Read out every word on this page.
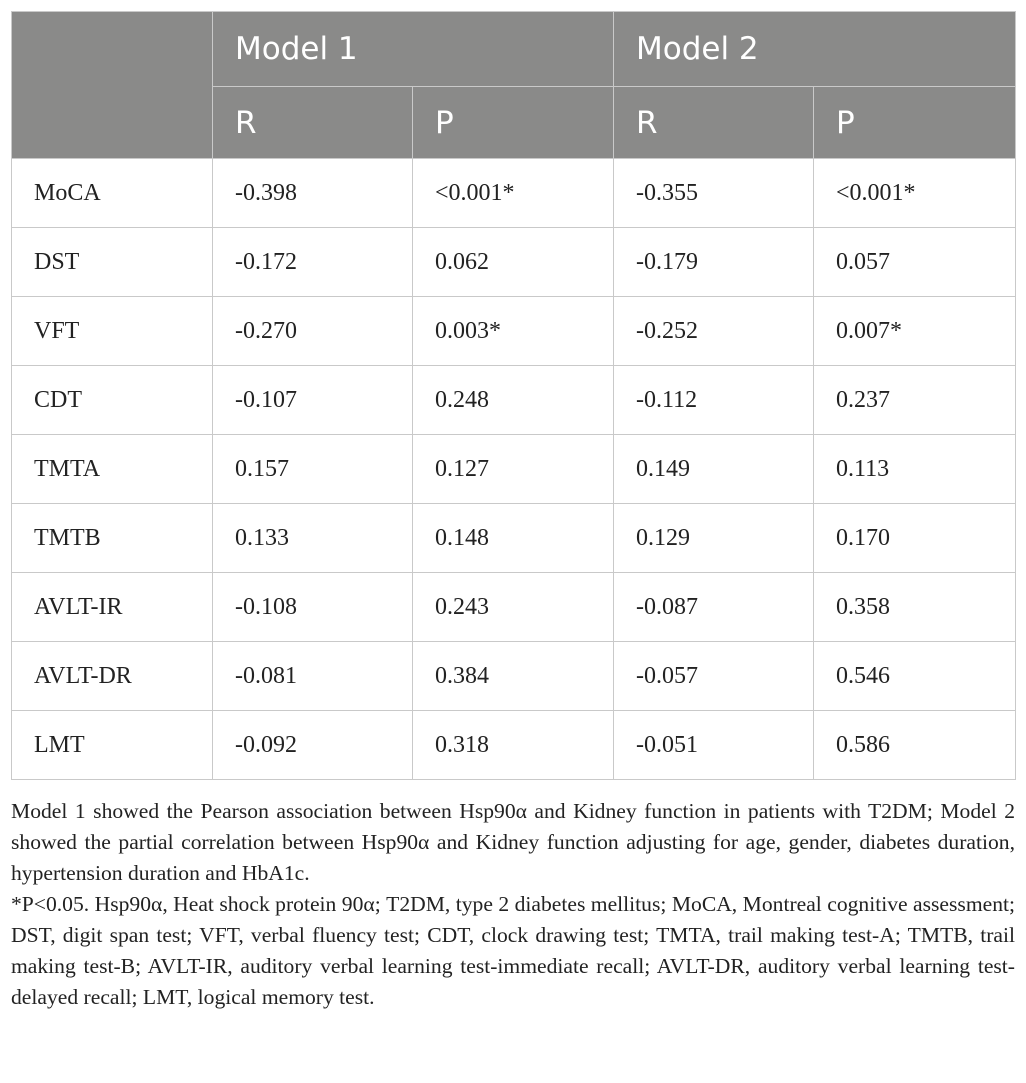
	Model 1		Model 2	
	R	P	R	P
MoCA	-0.398	<0.001*	-0.355	<0.001*
DST	-0.172	0.062	-0.179	0.057
VFT	-0.270	0.003*	-0.252	0.007*
CDT	-0.107	0.248	-0.112	0.237
TMTA	0.157	0.127	0.149	0.113
TMTB	0.133	0.148	0.129	0.170
AVLT-IR	-0.108	0.243	-0.087	0.358
AVLT-DR	-0.081	0.384	-0.057	0.546
LMT	-0.092	0.318	-0.051	0.586

Model 1 showed the Pearson association between Hsp90α and Kidney function in patients with T2DM; Model 2 showed the partial correlation between Hsp90α and Kidney function adjusting for age, gender, diabetes duration, hypertension duration and HbA1c.

*P<0.05. Hsp90α, Heat shock protein 90α; T2DM, type 2 diabetes mellitus; MoCA, Montreal cognitive assessment; DST, digit span test; VFT, verbal fluency test; CDT, clock drawing test; TMTA, trail making test-A; TMTB, trail making test-B; AVLT-IR, auditory verbal learning test-immediate recall; AVLT-DR, auditory verbal learning test-delayed recall; LMT, logical memory test.
